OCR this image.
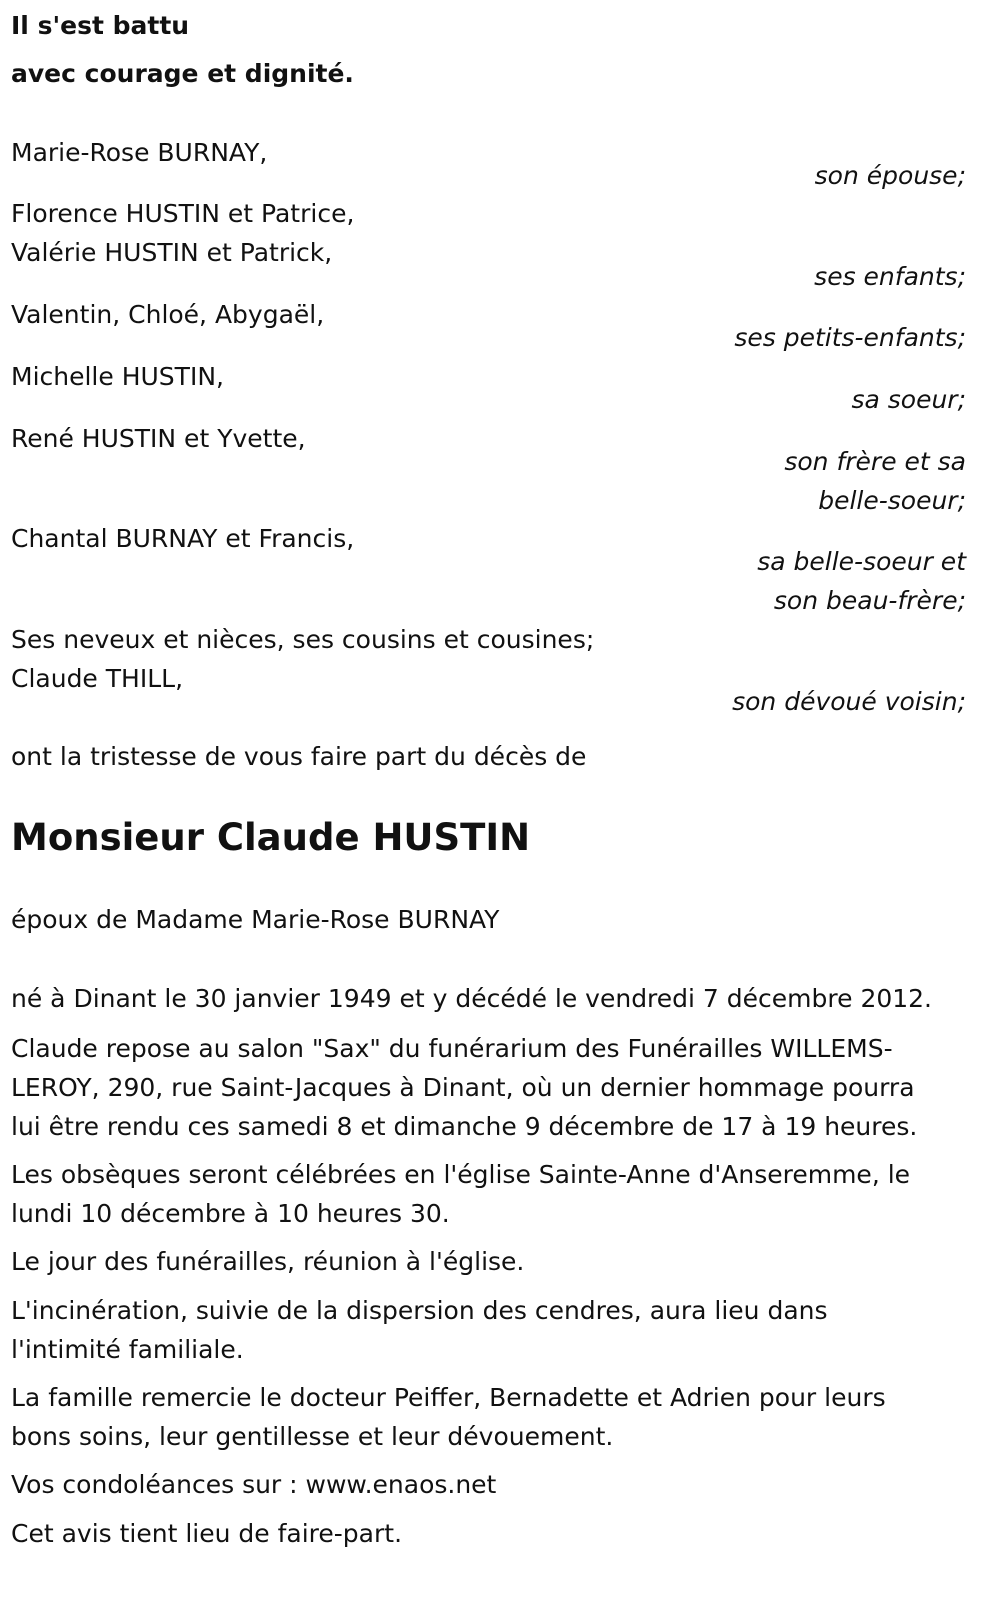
Il s'est battu
avec courage et dignité.
Marie-Rose BURNAY,
Florence HUSTIN et Patrice,
Valérie HUSTIN et Patrick,
Valentin, Chloé, Abygaël,
Michelle HUSTIN,
René HUSTIN et Yvette,
Chantal BURNAY et Francis,
Ses neveux et nièces, ses cousins et cousines;
Claude THILL,
son épouse;
ses enfants;
ses petits-enfants;
sa soeur;
son frère et sa
belle-soeur;
sa belle-soeur et
son beau-frère;
son dévoué voisin;
ont la tristesse de vous faire part du décès de
Monsieur Claude HUSTIN
époux de Madame Marie-Rose BURNAY
né à Dinant le 30 janvier 1949 et y décédé le vendredi 7 décembre 2012.
Claude repose au salon "Sax" du funérarium des Funérailles WILLEMS-
LEROY, 290, rue Saint-Jacques à Dinant, où un dernier hommage pourra
lui être rendu ces samedi 8 et dimanche 9 décembre de 17 à 19 heures.
Les obsèques seront célébrées en l'église Sainte-Anne d'Anseremme, le
lundi 10 décembre à 10 heures 30.
Le jour des funérailles, réunion à l'église.
L'incinération, suivie de la dispersion des cendres, aura lieu dans
l'intimité familiale.
La famille remercie le docteur Peiffer, Bernadette et Adrien pour leurs
bons soins, leur gentillesse et leur dévouement.
Vos condoléances sur : www.enaos.net
Cet avis tient lieu de faire-part.
